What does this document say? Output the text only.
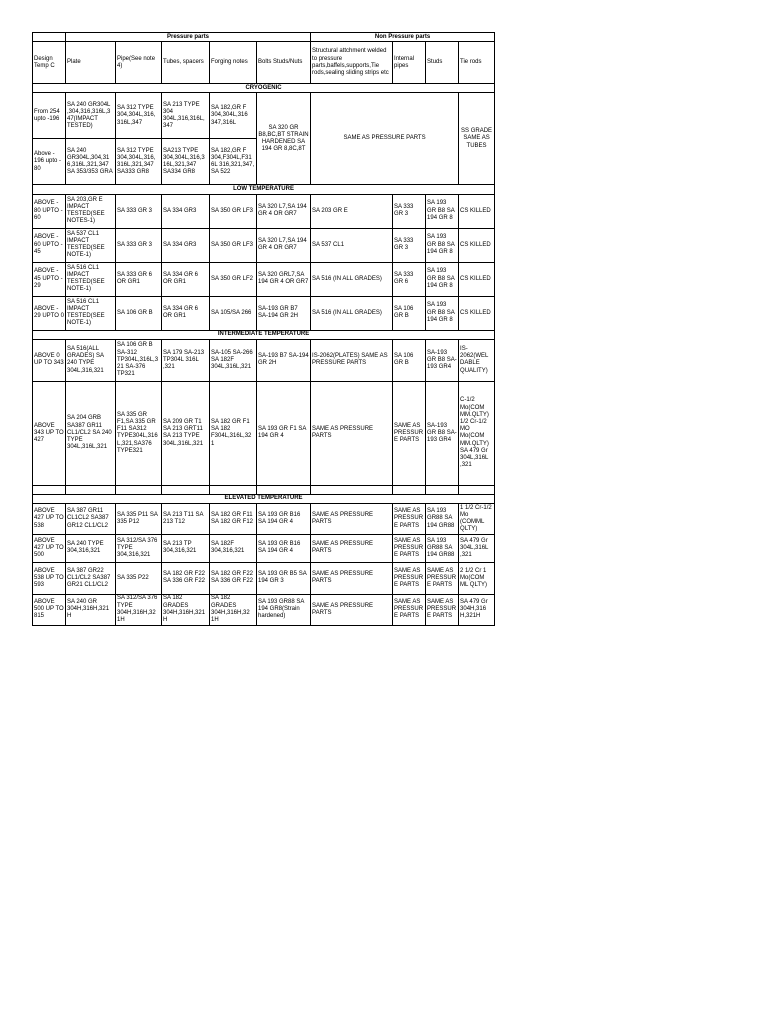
	Pressure parts					Non Pressure parts			
Design Temp C	Plate	Pipe(See note 4)	Tubes, spacers	Forging notes	Bolts Studs/Nuts	Structural attchment welded to pressure parts,baffels,supports,Tie rods,sealing sliding strips etc	Internal pipes	Studs	Tie rods
CRYOGENIC									
From 254 upto -196	SA 240 GR304L ,304,316,316L,3 47(IMPACT TESTED)	SA 312 TYPE 304,304L,316, 316L,347	SA 213 TYPE 304 304L,316,316L, 347	SA 182,GR F 304,304L,316 347,316L	SA 320 GR B8,BC,BT STRAIN HARDENED SA 194 GR 8,8C,8T	SAME AS PRESSURE PARTS			SS GRADE SAME AS TUBES
Above - 196 upto - 80	SA 240 GR304L,304,31 6,316L,321,347 SA 353/353 GRA	SA 312 TYPE 304,304L,316, 316L,321,347 SA333 GR8	SA213 TYPE 304,304L,316,3 16L,321,347 SA334 GR8	SA 182,GR F 304,F304L,F31 6L 316,321,347, SA 522					
LOW TEMPERATURE									
ABOVE - 80 UPTO - 60	SA 203,GR E IMPACT TESTED(SEE NOTES-1)	SA 333 GR 3	SA 334 GR3	SA 350 GR LF3	SA 320 L7,SA 194 GR 4 OR GR7	SA 203 GR E	SA 333 GR 3	SA 193 GR B8 SA 194 GR 8	CS KILLED
ABOVE - 60 UPTO - 45	SA 537 CL1 IMPACT TESTED(SEE NOTE-1)	SA 333 GR 3	SA 334 GR3	SA 350 GR LF3	SA 320 L7,SA 194 GR 4 OR GR7	SA 537 CL1	SA 333 GR 3	SA 193 GR B8 SA 194 GR 8	CS KILLED
ABOVE - 45 UPTO - 29	SA 516 CL1 IMPACT TESTED(SEE NOTE-1)	SA 333 GR 6 OR GR1	SA 334 GR 6 OR GR1	SA 350 GR LF2	SA 320 GRL7,SA 194 GR 4 OR GR7	SA 516 (IN ALL GRADES)	SA 333 GR 6	SA 193 GR B8 SA 194 GR 8	CS KILLED
ABOVE - 29 UPTO 0	SA 516 CL1 IMPACT TESTED(SEE NOTE-1)	SA 106 GR B	SA 334 GR 6 OR GR1	SA 105/SA 266	SA-193 GR B7 SA-194 GR 2H	SA 516 (IN ALL GRADES)	SA 106 GR B	SA 193 GR B8 SA 194 GR 8	CS KILLED
INTERMEDIATE TEMPERATURE									
ABOVE 0 UP TO 343	SA 516(ALL GRADES) SA 240 TYPE 304L,316,321	SA 106 GR B SA-312 TP304L,316L,3 21 SA-376 TP321	SA 179 SA-213 TP304L 316L ,321	SA-105 SA-266 SA 182F 304L,316L,321	SA-193 B7 SA-194 GR 2H	IS-2062(PLATES) SAME AS PRESSURE PARTS	SA 106 GR B	SA-193 GR B8 SA-193 GR4	IS-2062(WEL DABLE QUALITY)
ABOVE 343 UP TO 427	SA 204 GRB SA387 GR11 CL1/CL2 SA 240 TYPE 304L,316L,321	SA 335 GR F1,SA 335 GR F11 SA312 TYPE304L,316 L,321,SA376 TYPE321	SA 209 GR T1 SA 213 GRT11 SA 213 TYPE 304L,316L,321	SA 182 GR F1 SA 182 F304L,316L,32 1	SA 193 GR F1 SA 194 GR 4	SAME AS PRESSURE PARTS	SAME AS PRESSURE PARTS	SA-193 GR B8 SA-193 GR4	C-1/2 Mo(COM MM.QLTY) 1/2 Cr-1/2 MO Mo(COM MM.QLTY) SA 479 Gr 304L,316L ,321

ELEVATED TEMPERATURE									
ABOVE 427 UP TO 538	SA 387 GR11 CL1CL2 SA387 GR12 CL1/CL2	SA 335 P11 SA 335 P12	SA 213 T11 SA 213 T12	SA 182 GR F11 SA 182 GR F12	SA 193 GR B16 SA 194 GR 4	SAME AS PRESSURE PARTS	SAME AS PRESSURE PARTS	SA 193 GR88 SA 194 GR88	1 1/2 Cr-1/2 Mo (COMML QLTY)
ABOVE 427 UP TO 500	SA 240 TYPE 304,316,321	SA 312/SA 376 TYPE 304,316,321	SA 213 TP 304,316,321	SA 182F 304,316,321	SA 193 GR B16 SA 194 GR 4	SAME AS PRESSURE PARTS	SAME AS PRESSURE PARTS	SA 193 GR88 SA 194 GR88	SA 479 Gr 304L,316L ,321
ABOVE 538 UP TO 593	SA 387 GR22 CL1/CL2 SA387 GR21 CL1/CL2	SA 335 P22	SA 182 GR F22 SA 336 GR F22	SA 182 GR F22 SA 336 GR F22	SA 193 GR B5 SA 194 GR 3	SAME AS PRESSURE PARTS	SAME AS PRESSURE PARTS	SAME AS PRESSURE PARTS	2 1/2 Cr 1 Mo(COM ML QLTY)
ABOVE 500 UP TO 815	SA 240 GR 304H,316H,321 H	SA 312/SA 376 TYPE 304H,316H,32 1H	SA 182 GRADES 304H,316H,321 H	SA 182 GRADES 304H,316H,32 1H	SA 193 GR88 SA 194 GR8(Strain hardened)	SAME AS PRESSURE PARTS	SAME AS PRESSURE PARTS	SAME AS PRESSURE PARTS	SA 479 Gr 304H,316 H,321H
